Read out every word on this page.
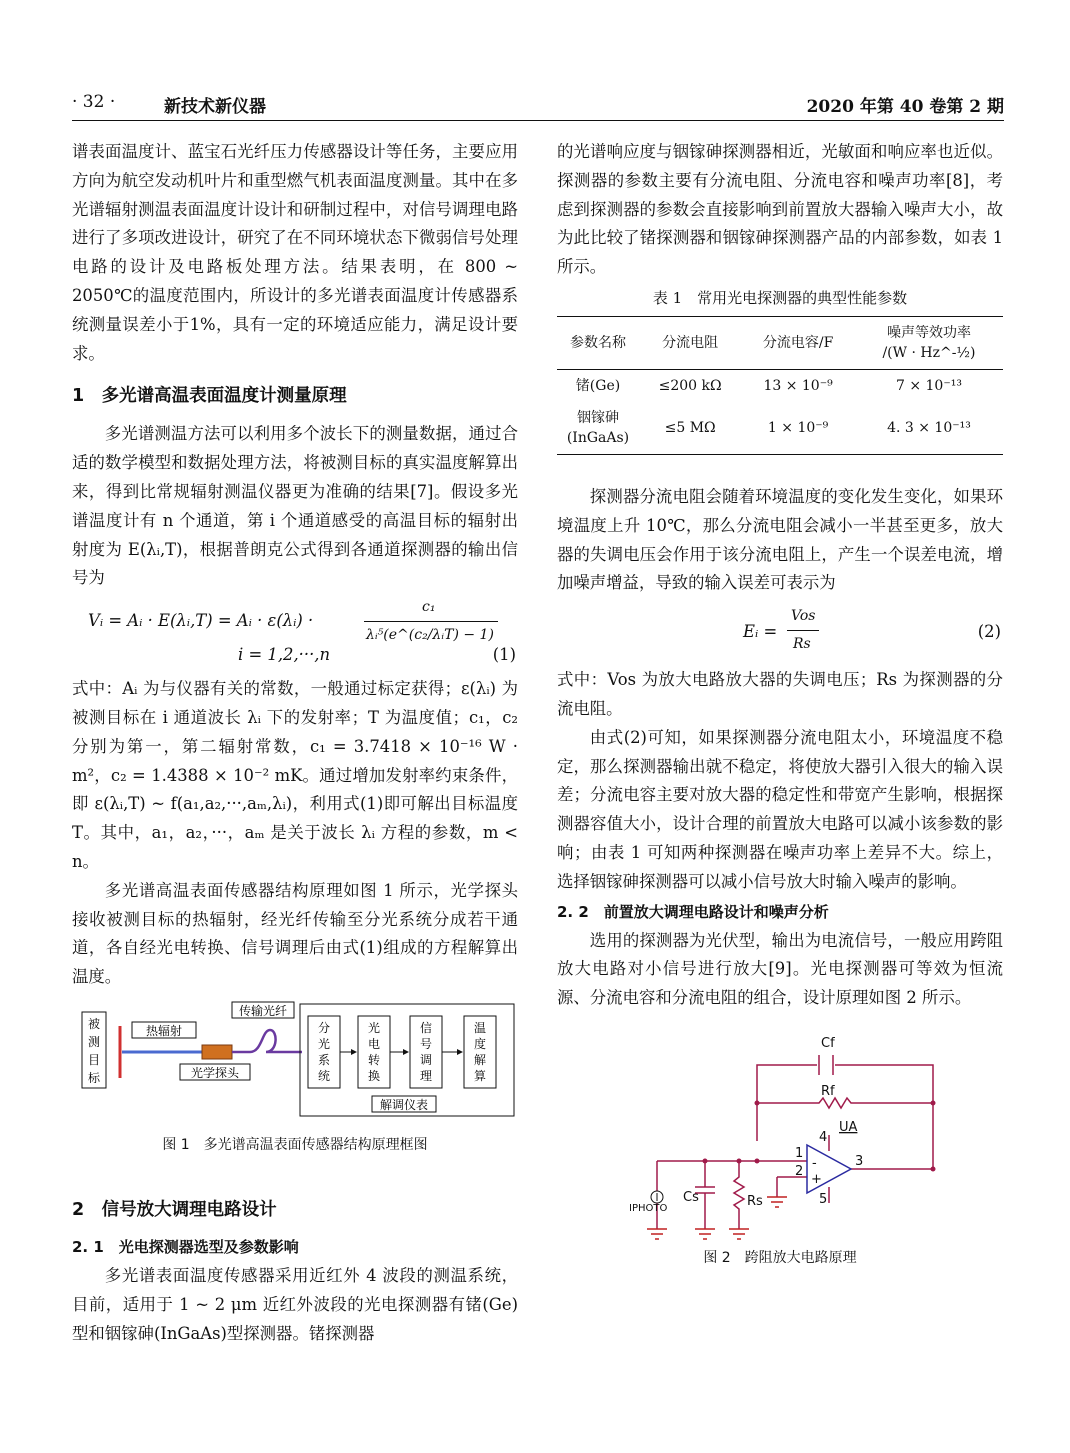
· 32 ·	新技术新仪器	2020 年第 40 卷第 2 期

谱表面温度计、蓝宝石光纤压力传感器设计等任务，主要应用方向为航空发动机叶片和重型燃气机表面温度测量。其中在多光谱辐射测温表面温度计设计和研制过程中，对信号调理电路进行了多项改进设计，研究了在不同环境状态下微弱信号处理电路的设计及电路板处理方法。结果表明，在 800 ~ 2050℃的温度范围内，所设计的多光谱表面温度计传感器系统测量误差小于1%，具有一定的环境适应能力，满足设计要求。

1　多光谱高温表面温度计测量原理

多光谱测温方法可以利用多个波长下的测量数据，通过合适的数学模型和数据处理方法，将被测目标的真实温度解算出来，得到比常规辐射测温仪器更为准确的结果[7]。假设多光谱温度计有 n 个通道，第 i 个通道感受的高温目标的辐射出射度为 E(λᵢ,T)，根据普朗克公式得到各通道探测器的输出信号为

Vᵢ = Aᵢ · E(λᵢ,T) = Aᵢ · ε(λᵢ) ·
c₁
λᵢ⁵(e^(c₂/λᵢT) − 1)
i = 1,2,···,n	(1)

式中：Aᵢ 为与仪器有关的常数，一般通过标定获得；ε(λᵢ) 为被测目标在 i 通道波长 λᵢ 下的发射率；T 为温度值；c₁，c₂ 分别为第一，第二辐射常数，c₁ = 3.7418 × 10⁻¹⁶ W · m²，c₂ = 1.4388 × 10⁻² mK。通过增加发射率约束条件，即 ε(λᵢ,T) ~ f(a₁,a₂,···,aₘ,λᵢ)，利用式(1)即可解出目标温度 T。其中，a₁，a₂，···，aₘ 是关于波长 λᵢ 方程的参数，m < n。

多光谱高温表面传感器结构原理如图 1 所示，光学探头接收被测目标的热辐射，经光纤传输至分光系统分成若干通道，各自经光电转换、信号调理后由式(1)组成的方程解算出温度。

被
测
目
标
热辐射
光学探头
传输光纤
解调仪表
分
光
系
统
光
电
转
换
信
号
调
理
温
度
解
算
图 1　多光谱高温表面传感器结构原理框图
2　信号放大调理电路设计
2. 1　光电探测器选型及参数影响

多光谱表面温度传感器采用近红外 4 波段的测温系统，目前，适用于 1 ~ 2 μm 近红外波段的光电探测器有锗(Ge)型和铟镓砷(InGaAs)型探测器。锗探测器

的光谱响应度与铟镓砷探测器相近，光敏面和响应率也近似。探测器的参数主要有分流电阻、分流电容和噪声功率[8]，考虑到探测器的参数会直接影响到前置放大器输入噪声大小，故为此比较了锗探测器和铟镓砷探测器产品的内部参数，如表 1 所示。

表 1　常用光电探测器的典型性能参数
参数名称	分流电阻	分流电容/F	噪声等效功率
/(W · Hz^-½)
锗(Ge)	≤200 kΩ	13 × 10⁻⁹	7 × 10⁻¹³
铟镓砷(InGaAs)	≤5 MΩ	1 × 10⁻⁹	4. 3 × 10⁻¹³

探测器分流电阻会随着环境温度的变化发生变化，如果环境温度上升 10℃，那么分流电阻会减小一半甚至更多，放大器的失调电压会作用于该分流电阻上，产生一个误差电流，增加噪声增益，导致的输入误差可表示为

Eᵢ =
Vos
Rs
(2)

式中：Vos 为放大电路放大器的失调电压；Rs 为探测器的分流电阻。

由式(2)可知，如果探测器分流电阻太小，环境温度不稳定，那么探测器输出就不稳定，将使放大器引入很大的输入误差；分流电容主要对放大器的稳定性和带宽产生影响，根据探测器容值大小，设计合理的前置放大电路可以减小该参数的影响；由表 1 可知两种探测器在噪声功率上差异不大。综上，选择铟镓砷探测器可以减小信号放大时输入噪声的影响。

2. 2　前置放大调理电路设计和噪声分析

选用的探测器为光伏型，输出为电流信号，一般应用跨阻放大电路对小信号进行放大[9]。光电探测器可等效为恒流源、分流电容和分流电阻的组合，设计原理如图 2 所示。

Cf
Rf
UA
4
1
2
3
5
-
+
IPHOTO
Cs	Rs
图 2　跨阻放大电路原理
